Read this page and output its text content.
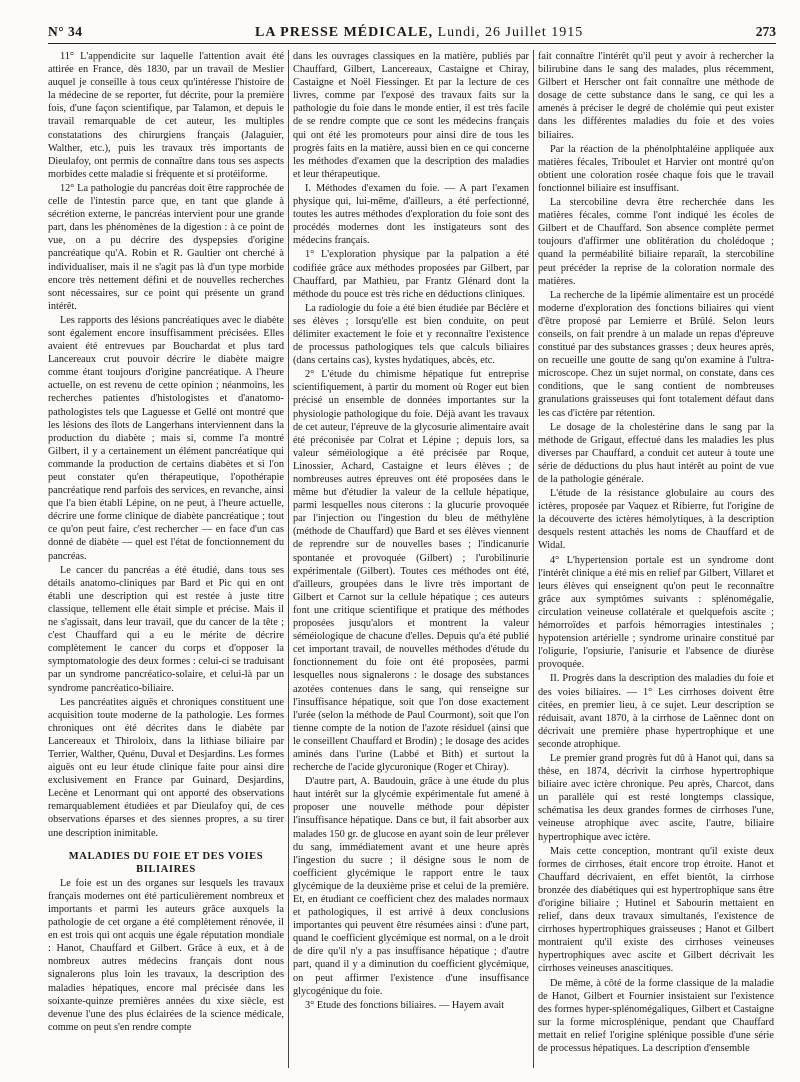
N° 34	LA PRESSE MÉDICALE, Lundi, 26 Juillet 1915	273

11° L'appendicite sur laquelle l'attention avait été attirée en France, dès 1830, par un travail de Meslier auquel je conseille à tous ceux qu'intéresse l'histoire de la médecine de se reporter, fut décrite, pour la première fois, d'une façon scientifique, par Talamon, et depuis le travail remarquable de cet auteur, les multiples constatations des chirurgiens français (Jalaguier, Walther, etc.), puis les travaux très importants de Dieulafoy, ont permis de connaître dans tous ses aspects morbides cette maladie si fréquente et si protéiforme.

12° La pathologie du pancréas doit être rapprochée de celle de l'intestin parce que, en tant que glande à sécrétion externe, le pancréas intervient pour une grande part, dans les phénomènes de la digestion : à ce point de vue, on a pu décrire des dyspepsies d'origine pancréatique qu'A. Robin et R. Gaultier ont cherché à individualiser, mais il ne s'agit pas là d'un type morbide encore très nettement défini et de nouvelles recherches sont nécessaires, sur ce point qui présente un grand intérêt.

Les rapports des lésions pancréatiques avec le diabète sont également encore insuffisamment précisées. Elles avaient été entrevues par Bouchardat et plus tard Lancereaux crut pouvoir décrire le diabète maigre comme étant toujours d'origine pancréatique. A l'heure actuelle, on est revenu de cette opinion ; néanmoins, les recherches patientes d'histologistes et d'anatomo-pathologistes tels que Laguesse et Gellé ont montré que les lésions des îlots de Langerhans interviennent dans la production du diabète ; mais si, comme l'a montré Gilbert, il y a certainement un élément pancréatique qui commande la production de certains diabètes et si l'on peut constater qu'en thérapeutique, l'opothérapie pancréatique rend parfois des services, en revanche, ainsi que l'a bien établi Lépine, on ne peut, à l'heure actuelle, décrire une forme clinique de diabète pancréatique ; tout ce qu'on peut faire, c'est rechercher — en face d'un cas donné de diabète — quel est l'état de fonctionnement du pancréas.

Le cancer du pancréas a été étudié, dans tous ses détails anatomo-cliniques par Bard et Pic qui en ont établi une description qui est restée à juste titre classique, tellement elle était simple et précise. Mais il ne s'agissait, dans leur travail, que du cancer de la tête ; c'est Chauffard qui a eu le mérite de décrire complètement le cancer du corps et d'opposer la symptomatologie des deux formes : celui-ci se traduisant par un syndrome pancréatico-solaire, et celui-là par un syndrome pancréatico-biliaire.

Les pancréatites aiguës et chroniques constituent une acquisition toute moderne de la pathologie. Les formes chroniques ont été décrites dans le diabète par Lancereaux et Thiroloix, dans la lithiase biliaire par Terrier, Walther, Quénu, Duval et Desjardins. Les formes aiguës ont eu leur étude clinique faite pour ainsi dire exclusivement en France par Guinard, Desjardins, Lecène et Lenormant qui ont apporté des observations remarquablement étudiées et par Dieulafoy qui, de ces observations éparses et des siennes propres, a su tirer une description inimitable.

MALADIES DU FOIE ET DES VOIES BILIAIRES

Le foie est un des organes sur lesquels les travaux français modernes ont été particulièrement nombreux et importants et parmi les auteurs grâce auxquels la pathologie de cet organe a été complètement rénovée, il en est trois qui ont acquis une égale réputation mondiale : Hanot, Chauffard et Gilbert. Grâce à eux, et à de nombreux autres médecins français dont nous signalerons plus loin les travaux, la description des maladies hépatiques, encore mal précisée dans les soixante-quinze premières années du xixe siècle, est devenue l'une des plus éclairées de la science médicale, comme on peut s'en rendre compte

dans les ouvrages classiques en la matière, publiés par Chauffard, Gilbert, Lancereaux, Castaigne et Chiray, Castaigne et Noël Fiessinger. Et par la lecture de ces livres, comme par l'exposé des travaux faits sur la pathologie du foie dans le monde entier, il est très facile de se rendre compte que ce sont les médecins français qui ont été les promoteurs pour ainsi dire de tous les progrès faits en la matière, aussi bien en ce qui concerne les méthodes d'examen que la description des maladies et leur thérapeutique.

I. Méthodes d'examen du foie. — A part l'examen physique qui, lui-même, d'ailleurs, a été perfectionné, toutes les autres méthodes d'exploration du foie sont des procédés modernes dont les instigateurs sont des médecins français.

1° L'exploration physique par la palpation a été codifiée grâce aux méthodes proposées par Gilbert, par Chauffard, par Mathieu, par Frantz Glénard dont la méthode du pouce est très riche en déductions cliniques.

La radiologie du foie a été bien étudiée par Béclère et ses élèves ; lorsqu'elle est bien conduite, on peut délimiter exactement le foie et y reconnaître l'existence de processus pathologiques tels que calculs biliaires (dans certains cas), kystes hydatiques, abcès, etc.

2° L'étude du chimisme hépatique fut entreprise scientifiquement, à partir du moment où Roger eut bien précisé un ensemble de données importantes sur la physiologie pathologique du foie. Déjà avant les travaux de cet auteur, l'épreuve de la glycosurie alimentaire avait été préconisée par Colrat et Lépine ; depuis lors, sa valeur séméiologique a été précisée par Roque, Linossier, Achard, Castaigne et leurs élèves ; de nombreuses autres épreuves ont été proposées dans le même but d'étudier la valeur de la cellule hépatique, parmi lesquelles nous citerons : la glucurie provoquée par l'injection ou l'ingestion du bleu de méthylène (méthode de Chauffard) que Bard et ses élèves viennent de reprendre sur de nouvelles bases ; l'indicanurie spontanée et provoquée (Gilbert) ; l'urobilinurie expérimentale (Gilbert). Toutes ces méthodes ont été, d'ailleurs, groupées dans le livre très important de Gilbert et Carnot sur la cellule hépatique ; ces auteurs font une critique scientifique et pratique des méthodes proposées jusqu'alors et montrent la valeur séméiologique de chacune d'elles. Depuis qu'a été publié cet important travail, de nouvelles méthodes d'étude du fonctionnement du foie ont été proposées, parmi lesquelles nous signalerons : le dosage des substances azotées contenues dans le sang, qui renseigne sur l'insuffisance hépatique, soit que l'on dose exactement l'urée (selon la méthode de Paul Courmont), soit que l'on tienne compte de la notion de l'azote résiduel (ainsi que le conseillent Chauffard et Brodin) ; le dosage des acides aminés dans l'urine (Labbé et Bith) et surtout la recherche de l'acide glycuronique (Roger et Chiray).

D'autre part, A. Baudouin, grâce à une étude du plus haut intérêt sur la glycémie expérimentale fut amené à proposer une nouvelle méthode pour dépister l'insuffisance hépatique. Dans ce but, il fait absorber aux malades 150 gr. de glucose en ayant soin de leur prélever du sang, immédiatement avant et une heure après l'ingestion du sucre ; il désigne sous le nom de coefficient glycémique le rapport entre le taux glycémique de la deuxième prise et celui de la première. Et, en étudiant ce coefficient chez des malades normaux et pathologiques, il est arrivé à deux conclusions importantes qui peuvent être résumées ainsi : d'une part, quand le coefficient glycémique est normal, on a le droit de dire qu'il n'y a pas insuffisance hépatique ; d'autre part, quand il y a diminution du coefficient glycémique, on peut affirmer l'existence d'une insuffisance glycogénique du foie.

3° Etude des fonctions biliaires. — Hayem avait

fait connaître l'intérêt qu'il peut y avoir à rechercher la bilirubine dans le sang des malades, plus récemment, Gilbert et Herscher ont fait connaître une méthode de dosage de cette substance dans le sang, ce qui les a amenés à préciser le degré de cholémie qui peut exister dans les différentes maladies du foie et des voies biliaires.

Par la réaction de la phénolphtaléine appliquée aux matières fécales, Triboulet et Harvier ont montré qu'on obtient une coloration rosée chaque fois que le travail fonctionnel biliaire est insuffisant.

La stercobiline devra être recherchée dans les matières fécales, comme l'ont indiqué les écoles de Gilbert et de Chauffard. Son absence complète permet toujours d'affirmer une oblitération du cholédoque ; quand la perméabilité biliaire reparaît, la stercobiline peut précéder la reprise de la coloration normale des matières.

La recherche de la lipémie alimentaire est un procédé moderne d'exploration des fonctions biliaires qui vient d'être proposé par Lemierre et Brûlé. Selon leurs conseils, on fait prendre à un malade un repas d'épreuve constitué par des substances grasses ; deux heures après, on recueille une goutte de sang qu'on examine à l'ultra-microscope. Chez un sujet normal, on constate, dans ces conditions, que le sang contient de nombreuses granulations graisseuses qui font totalement défaut dans les cas d'ictère par rétention.

Le dosage de la cholestérine dans le sang par la méthode de Grigaut, effectué dans les maladies les plus diverses par Chauffard, a conduit cet auteur à toute une série de déductions du plus haut intérêt au point de vue de la pathologie générale.

L'étude de la résistance globulaire au cours des ictères, proposée par Vaquez et Ribierre, fut l'origine de la découverte des ictères hémolytiques, à la description desquels restent attachés les noms de Chauffard et de Widal.

4° L'hypertension portale est un syndrome dont l'intérêt clinique a été mis en relief par Gilbert, Villaret et leurs élèves qui enseignent qu'on peut le reconnaître grâce aux symptômes suivants : splénomégalie, circulation veineuse collatérale et quelquefois ascite ; hémorroïdes et parfois hémorragies intestinales ; hypotension artérielle ; syndrome urinaire constitué par l'oligurie, l'opsiurie, l'anisurie et l'absence de diurèse provoquée.

II. Progrès dans la description des maladies du foie et des voies biliaires. — 1° Les cirrhoses doivent être citées, en premier lieu, à ce sujet. Leur description se réduisait, avant 1870, à la cirrhose de Laënnec dont on décrivait une première phase hypertrophique et une seconde atrophique.

Le premier grand progrès fut dû à Hanot qui, dans sa thèse, en 1874, décrivit la cirrhose hypertrophique biliaire avec ictère chronique. Peu après, Charcot, dans un parallèle qui est resté longtemps classique, schématisa les deux grandes formes de cirrhoses l'une, veineuse atrophique avec ascite, l'autre, biliaire hypertrophique avec ictère.

Mais cette conception, montrant qu'il existe deux formes de cirrhoses, était encore trop étroite. Hanot et Chauffard décrivaient, en effet bientôt, la cirrhose bronzée des diabétiques qui est hypertrophique sans être d'origine biliaire ; Hutinel et Sabourin mettaient en relief, dans deux travaux simultanés, l'existence de cirrhoses hypertrophiques graisseuses ; Hanot et Gilbert montraient qu'il existe des cirrhoses veineuses hypertrophiques avec ascite et Gilbert décrivait les cirrhoses veineuses anascitiques.

De même, à côté de la forme classique de la maladie de Hanot, Gilbert et Fournier insistaient sur l'existence des formes hyper-splénomégaliques, Gilbert et Castaigne sur la forme microsplénique, pendant que Chauffard mettait en relief l'origine splénique possible d'une série de processus hépatiques. La description d'ensemble
